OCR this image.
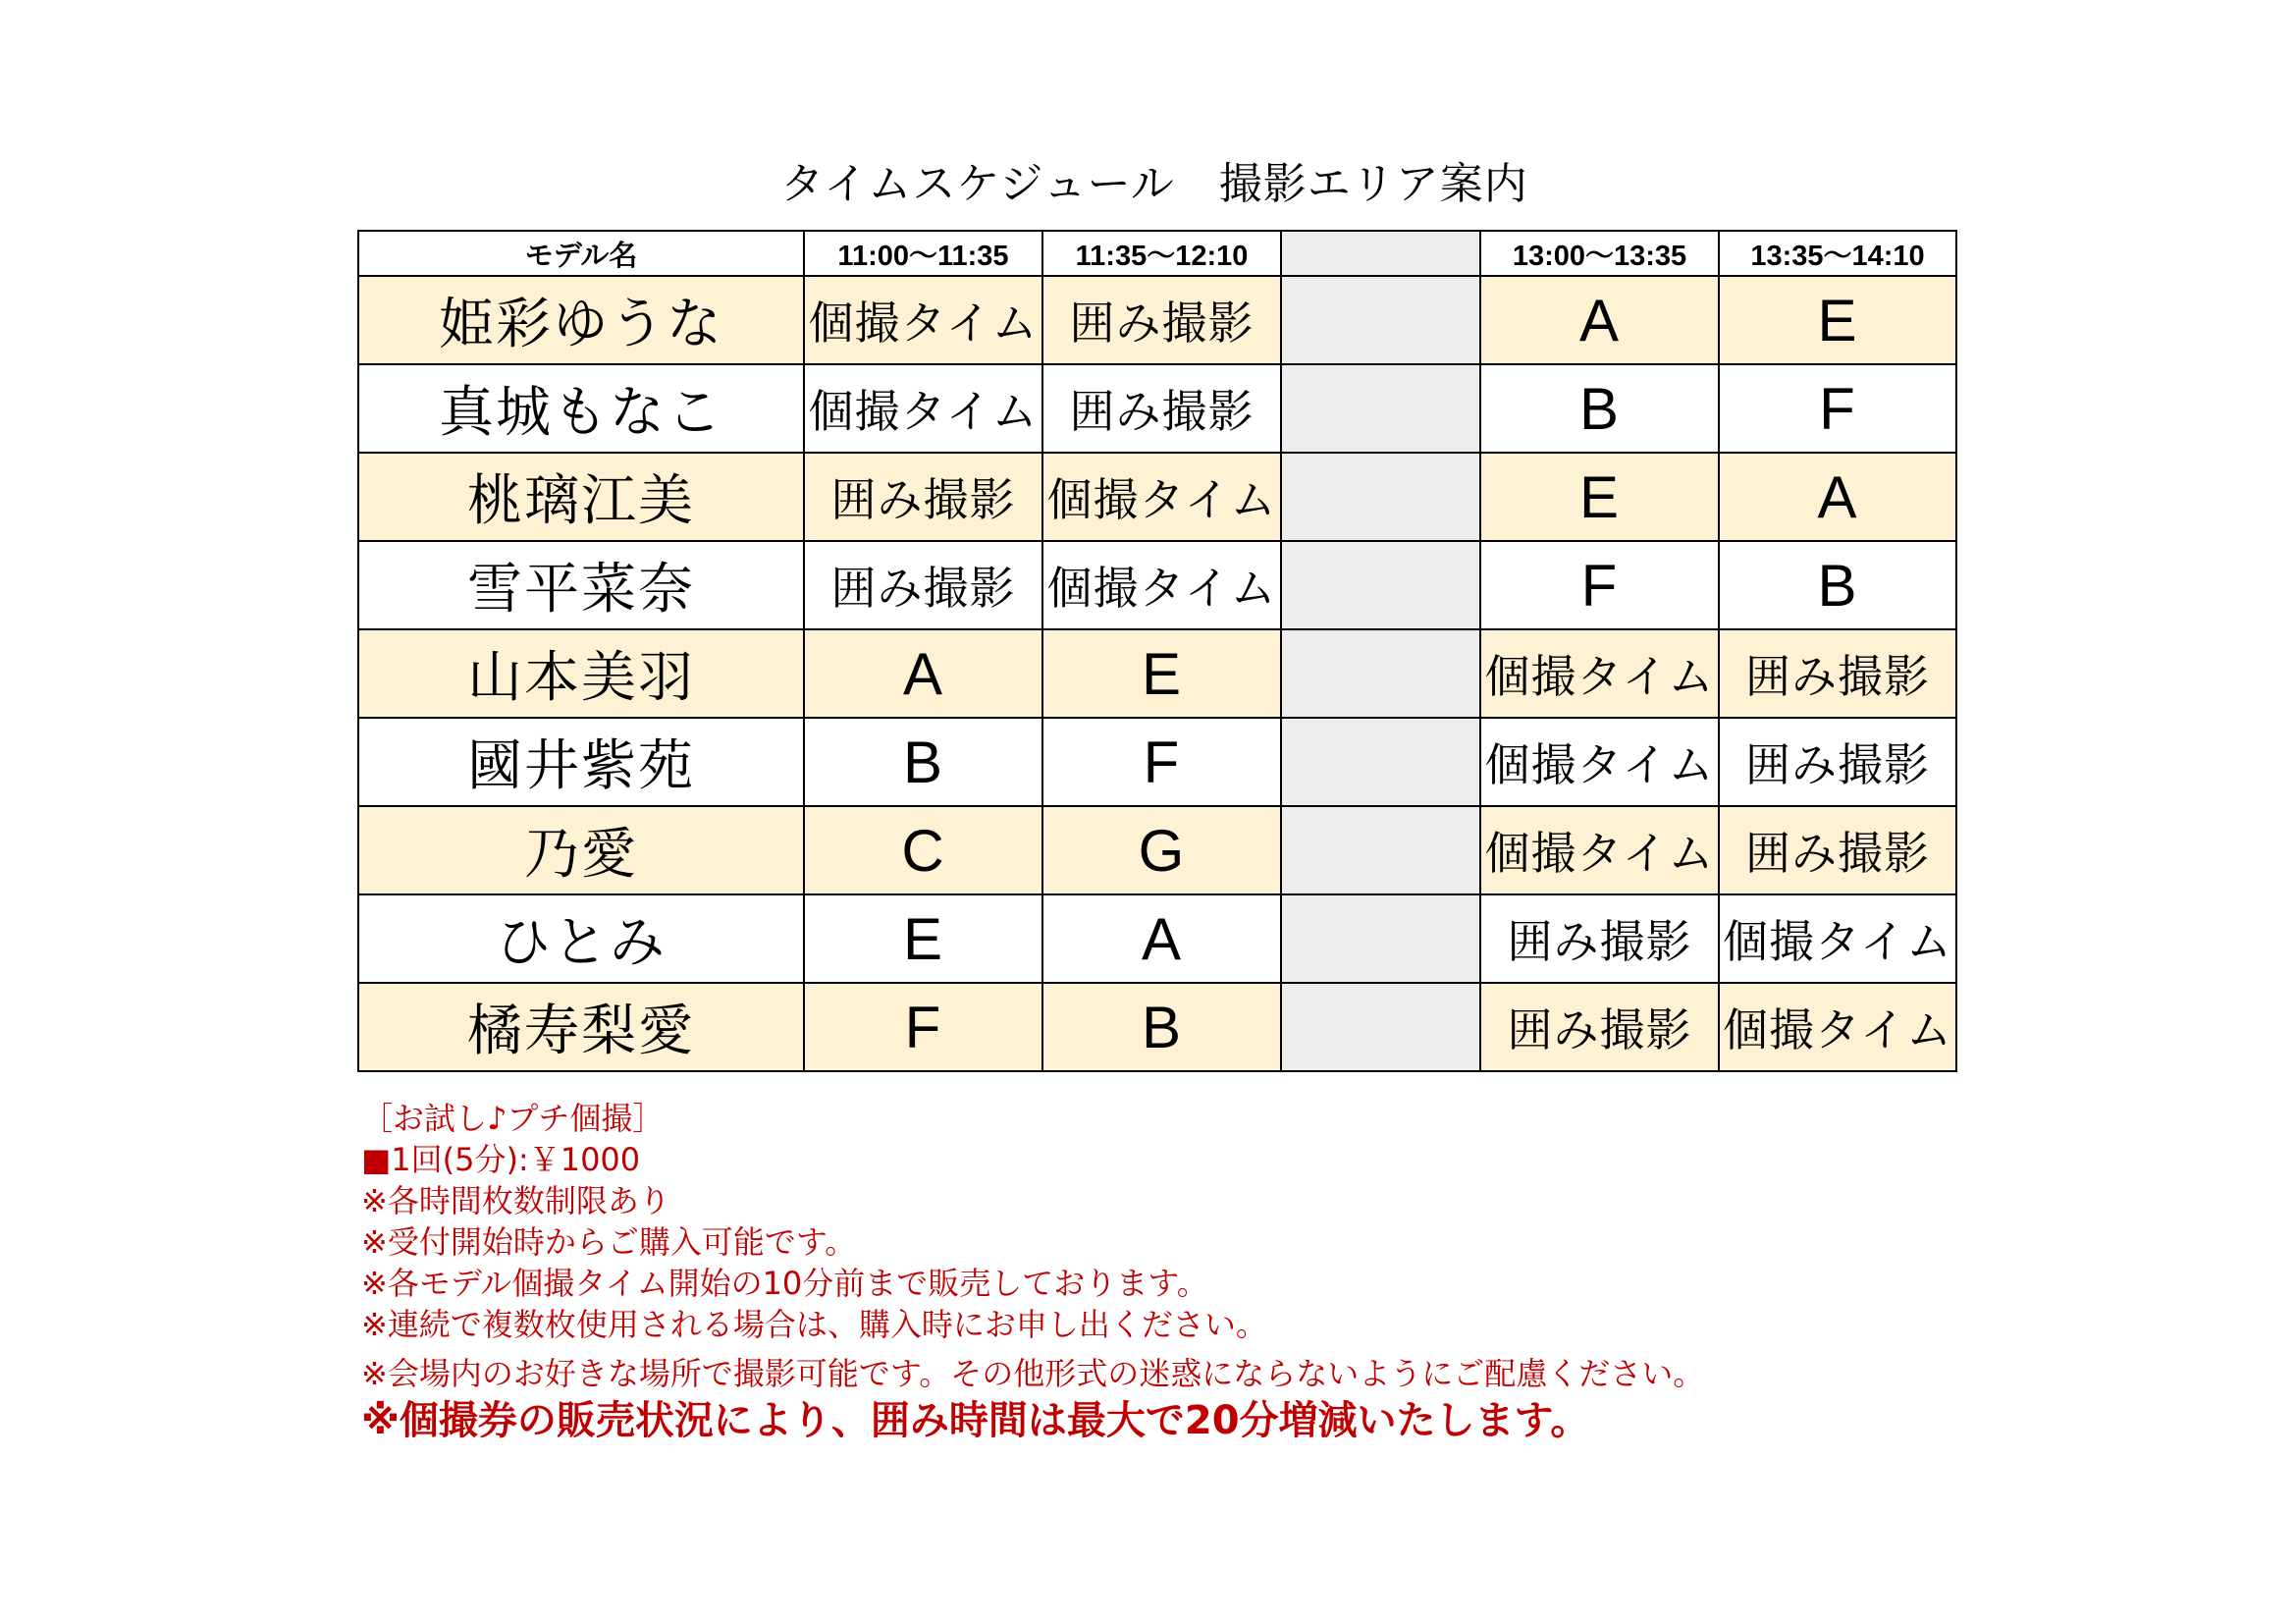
タイムスケジュール　撮影エリア案内
モデル名	11:00〜11:35	11:35〜12:10		13:00〜13:35	13:35〜14:10
姫彩ゆうな	個撮タイム	囲み撮影		A	E
真城もなこ	個撮タイム	囲み撮影		B	F
桃璃江美	囲み撮影	個撮タイム		E	A
雪平菜奈	囲み撮影	個撮タイム		F	B
山本美羽	A	E		個撮タイム	囲み撮影
國井紫苑	B	F		個撮タイム	囲み撮影
乃愛	C	G		個撮タイム	囲み撮影
ひとみ	E	A		囲み撮影	個撮タイム
橘寿梨愛	F	B		囲み撮影	個撮タイム
［お試し♪プチ個撮］
■1回(5分):￥1000
※各時間枚数制限あり
※受付開始時からご購入可能です。
※各モデル個撮タイム開始の10分前まで販売しております。
※連続で複数枚使用される場合は、購入時にお申し出ください。
※会場内のお好きな場所で撮影可能です。その他形式の迷惑にならないようにご配慮ください。
※個撮券の販売状況により、囲み時間は最大で20分増減いたします。
